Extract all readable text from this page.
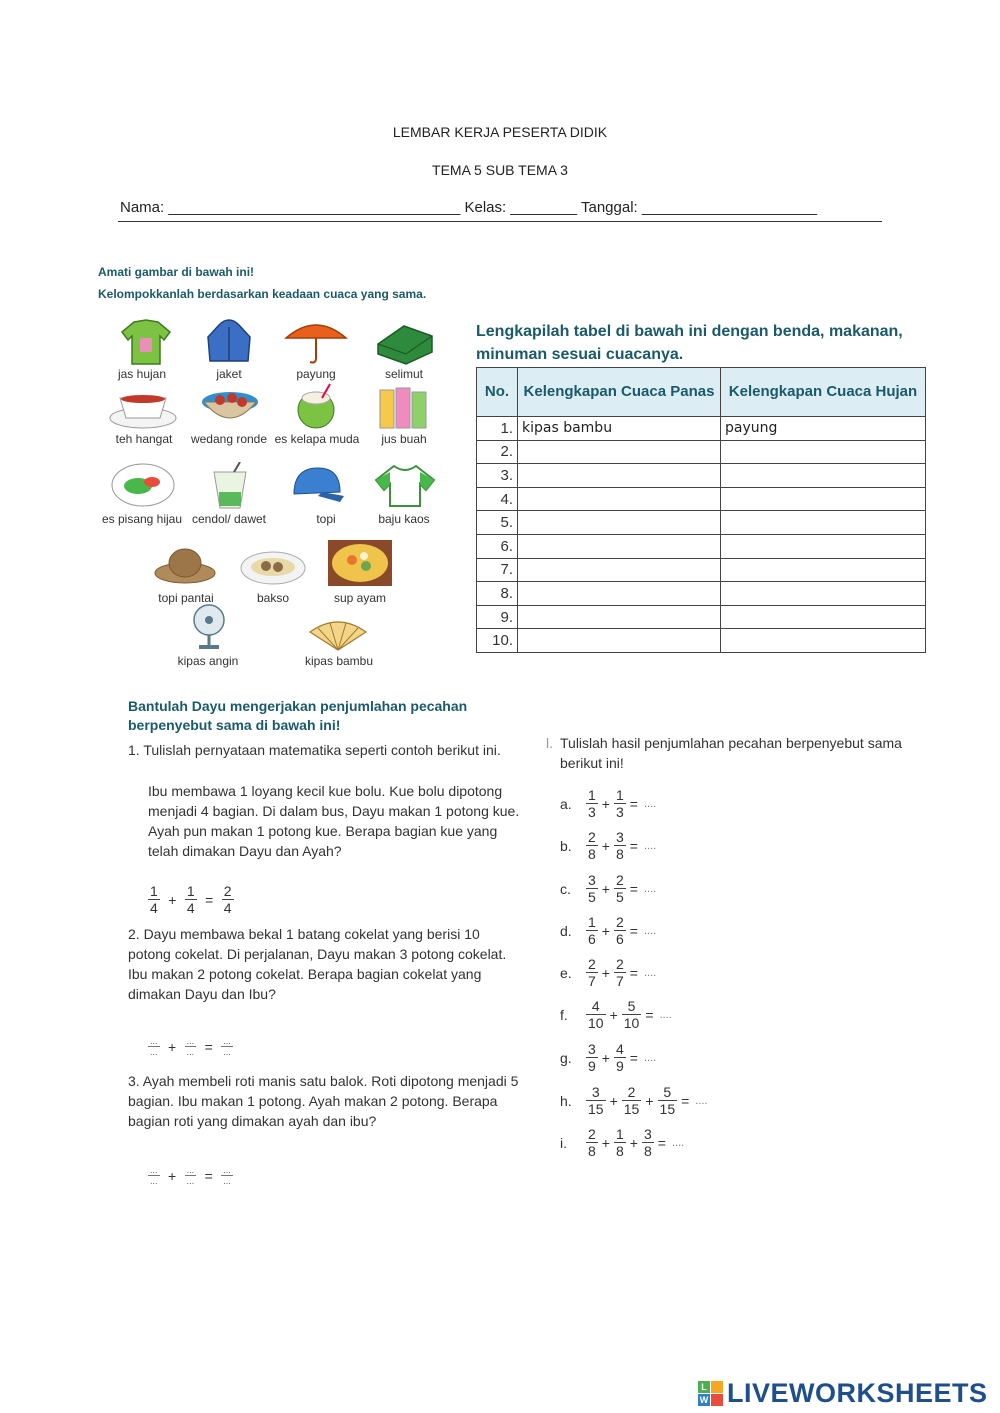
LEMBAR KERJA PESERTA DIDIK
TEMA 5 SUB TEMA 3
Nama: ___________________________________ Kelas: ________ Tanggal: _____________________
Amati gambar di bawah ini!
Kelompokkanlah berdasarkan keadaan cuaca yang sama.
jas hujan	jaket	payung	selimut
teh hangat	wedang ronde es kelapa muda	jus buah
es pisang hijau cendol/ dawet	topi	baju kaos
topi pantai	bakso	sup ayam
kipas angin	kipas bambu
Lengkapilah tabel di bawah ini dengan benda, makanan, minuman sesuai cuacanya.
No.	Kelengkapan Cuaca Panas	Kelengkapan Cuaca Hujan
1.	kipas bambu	payung
2.		
3.		
4.		
5.		
6.		
7.		
8.		
9.		
10.		
Bantulah Dayu mengerjakan penjumlahan pecahan berpenyebut sama di bawah ini!
1. Tulislah pernyataan matematika seperti contoh berikut ini.
Ibu membawa 1 loyang kecil kue bolu. Kue bolu dipotong menjadi 4 bagian. Di dalam bus, Dayu makan 1 potong kue. Ayah pun makan 1 potong kue. Berapa bagian kue yang telah dimakan Dayu dan Ayah?
$\frac{1}{4} + \frac{1}{4} = \frac{2}{4}$
2. Dayu membawa bekal 1 batang cokelat yang berisi 10 potong cokelat. Di perjalanan, Dayu makan 3 potong cokelat. Ibu makan 2 potong cokelat. Berapa bagian cokelat yang dimakan Dayu dan Ibu?
$\frac{...}{...} + \frac{...}{...} = \frac{...}{...}$
3. Ayah membeli roti manis satu balok. Roti dipotong menjadi 5 bagian. Ibu makan 1 potong. Ayah makan 2 potong. Berapa bagian roti yang dimakan ayah dan ibu?
$\frac{...}{...} + \frac{...}{...} = \frac{...}{...}$
l. Tulislah hasil penjumlahan pecahan berpenyebut sama berikut ini!
a. $\frac{1}{3} + \frac{1}{3}$ = ....
b. $\frac{2}{8} + \frac{3}{8}$ = ....
c. $\frac{3}{5} + \frac{2}{5}$ = ....
d. $\frac{1}{6} + \frac{2}{6}$ = ....
e. $\frac{2}{7} + \frac{2}{7}$ = ....
f. $\frac{4}{10} + \frac{5}{10}$ = ....
g. $\frac{3}{9} + \frac{4}{9}$ = ....
h. $\frac{3}{15} + \frac{2}{15} + \frac{5}{15}$ = ....
i. $\frac{2}{8} + \frac{1}{8} + \frac{3}{8}$ = ....
L
W LIVEWORKSHEETS
